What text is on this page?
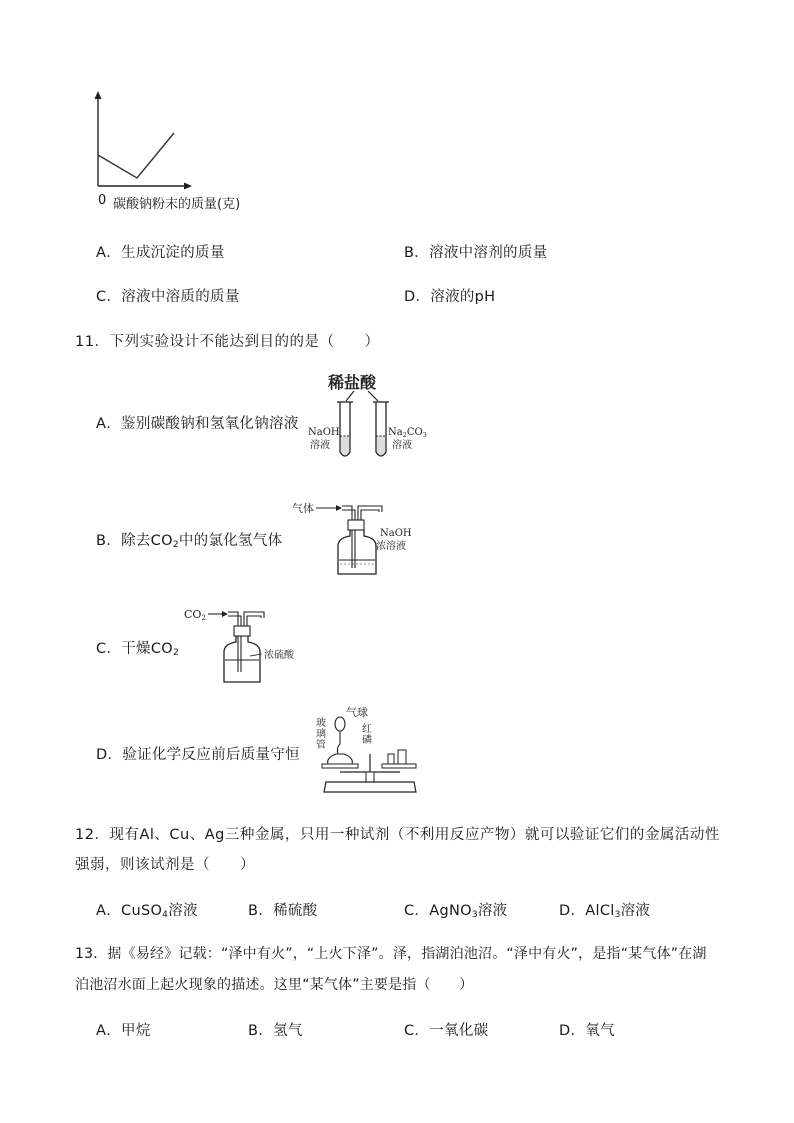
0 碳酸钠粉末的质量(克)
A．生成沉淀的质量	B．溶液中溶剂的质量
C．溶液中溶质的质量	D．溶液的pH
11．下列实验设计不能达到目的的是（　　）
A．鉴别碳酸钠和氢氧化钠溶液
稀盐酸
NaOH
溶液
$Na_2CO_3$
溶液
B．除去$CO_2$中的氯化氢气体
气体
NaOH
浓溶液
C．干燥$CO_2$
CO2
浓硫酸
D．验证化学反应前后质量守恒
气球
玻
璃
管
红
磷
12．现有Al、Cu、Ag三种金属，只用一种试剂（不利用反应产物）就可以验证它们的金属活动性
强弱，则该试剂是（　　）
A．CuSO$_4$溶液	B．稀硫酸	C．AgNO$_3$溶液	D．AlCl$_3$溶液
13．据《易经》记载：“泽中有火”，“上火下泽”。泽，指湖泊池沼。“泽中有火”，是指“某气体”在湖
泊池沼水面上起火现象的描述。这里“某气体”主要是指（　　）
A．甲烷	B．氢气	C．一氧化碳	D．氧气
